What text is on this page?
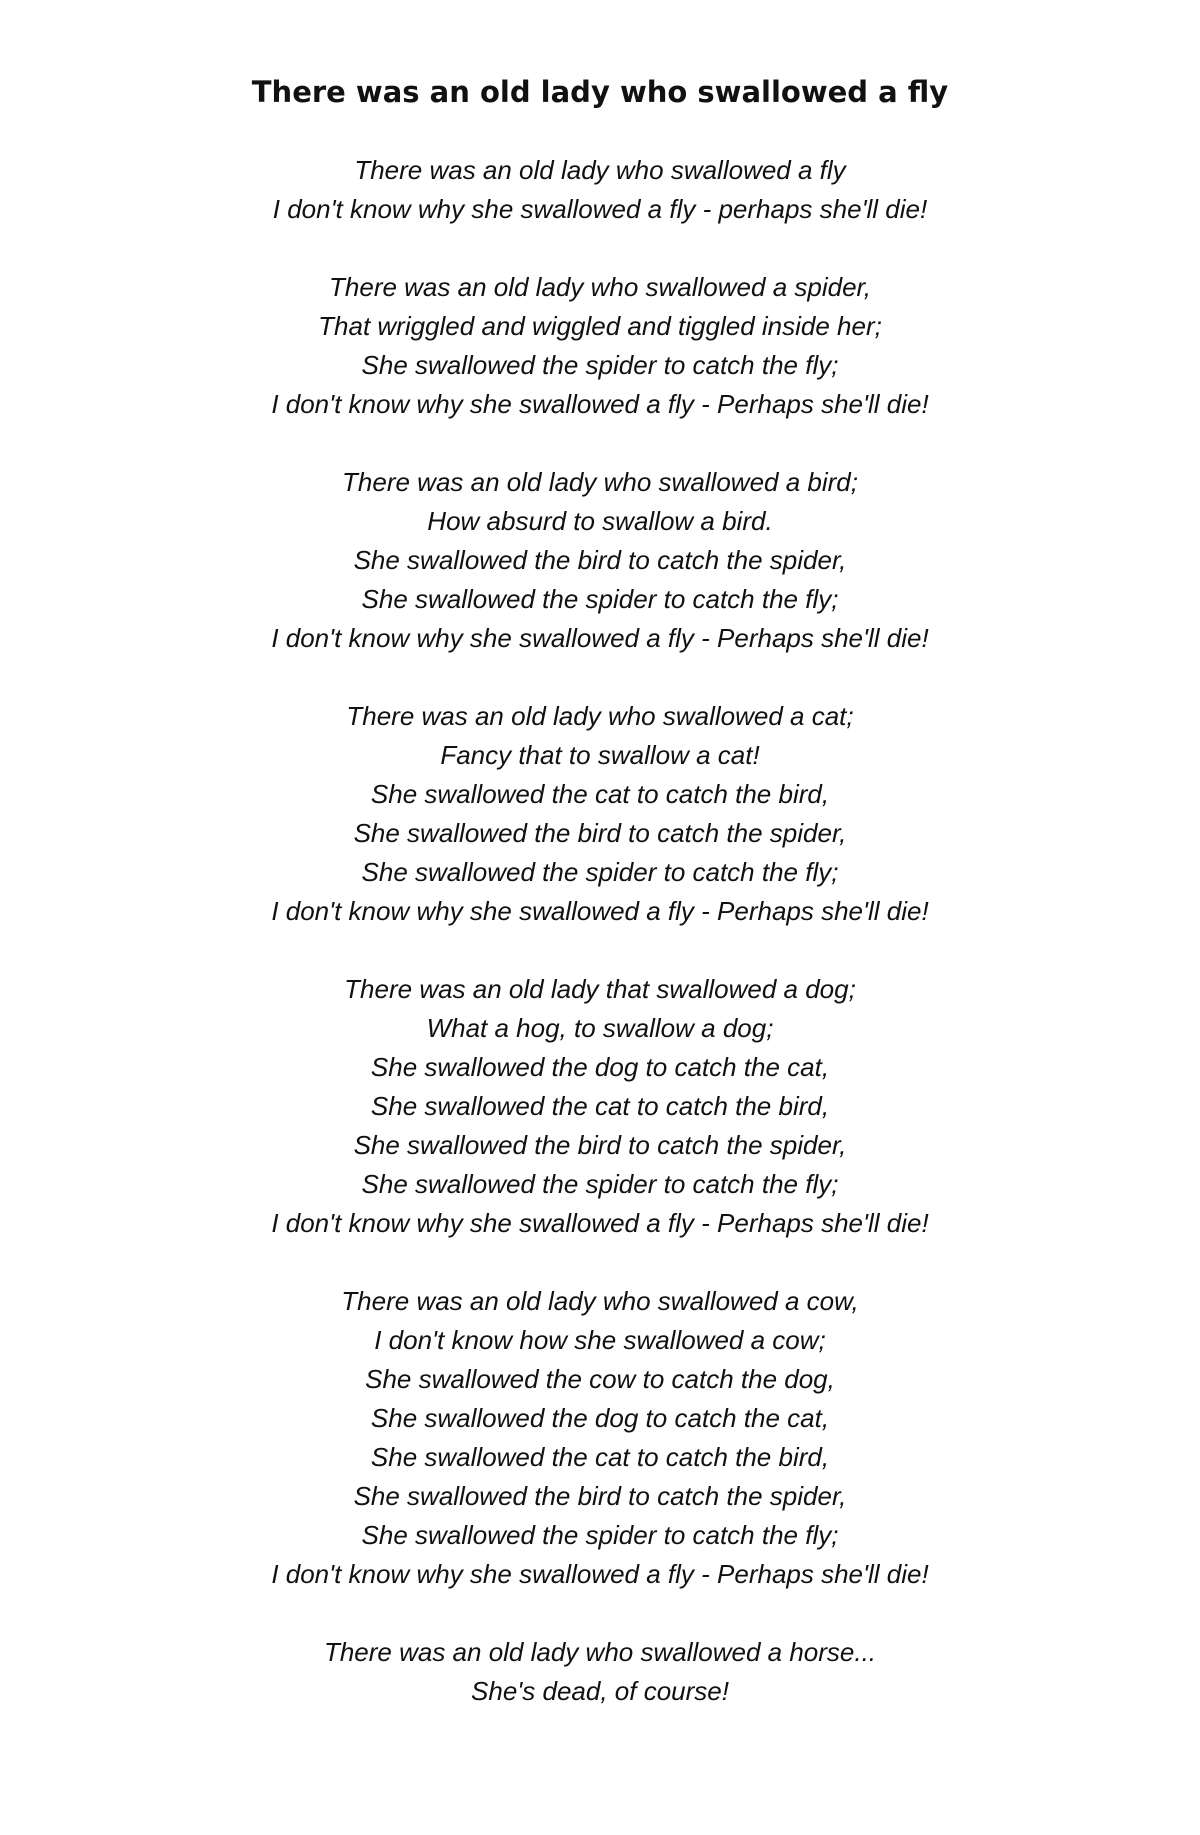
There was an old lady who swallowed a fly
There was an old lady who swallowed a fly
I don't know why she swallowed a fly - perhaps she'll die!
There was an old lady who swallowed a spider,
That wriggled and wiggled and tiggled inside her;
She swallowed the spider to catch the fly;
I don't know why she swallowed a fly - Perhaps she'll die!
There was an old lady who swallowed a bird;
How absurd to swallow a bird.
She swallowed the bird to catch the spider,
She swallowed the spider to catch the fly;
I don't know why she swallowed a fly - Perhaps she'll die!
There was an old lady who swallowed a cat;
Fancy that to swallow a cat!
She swallowed the cat to catch the bird,
She swallowed the bird to catch the spider,
She swallowed the spider to catch the fly;
I don't know why she swallowed a fly - Perhaps she'll die!
There was an old lady that swallowed a dog;
What a hog, to swallow a dog;
She swallowed the dog to catch the cat,
She swallowed the cat to catch the bird,
She swallowed the bird to catch the spider,
She swallowed the spider to catch the fly;
I don't know why she swallowed a fly - Perhaps she'll die!
There was an old lady who swallowed a cow,
I don't know how she swallowed a cow;
She swallowed the cow to catch the dog,
She swallowed the dog to catch the cat,
She swallowed the cat to catch the bird,
She swallowed the bird to catch the spider,
She swallowed the spider to catch the fly;
I don't know why she swallowed a fly - Perhaps she'll die!
There was an old lady who swallowed a horse...
She's dead, of course!
